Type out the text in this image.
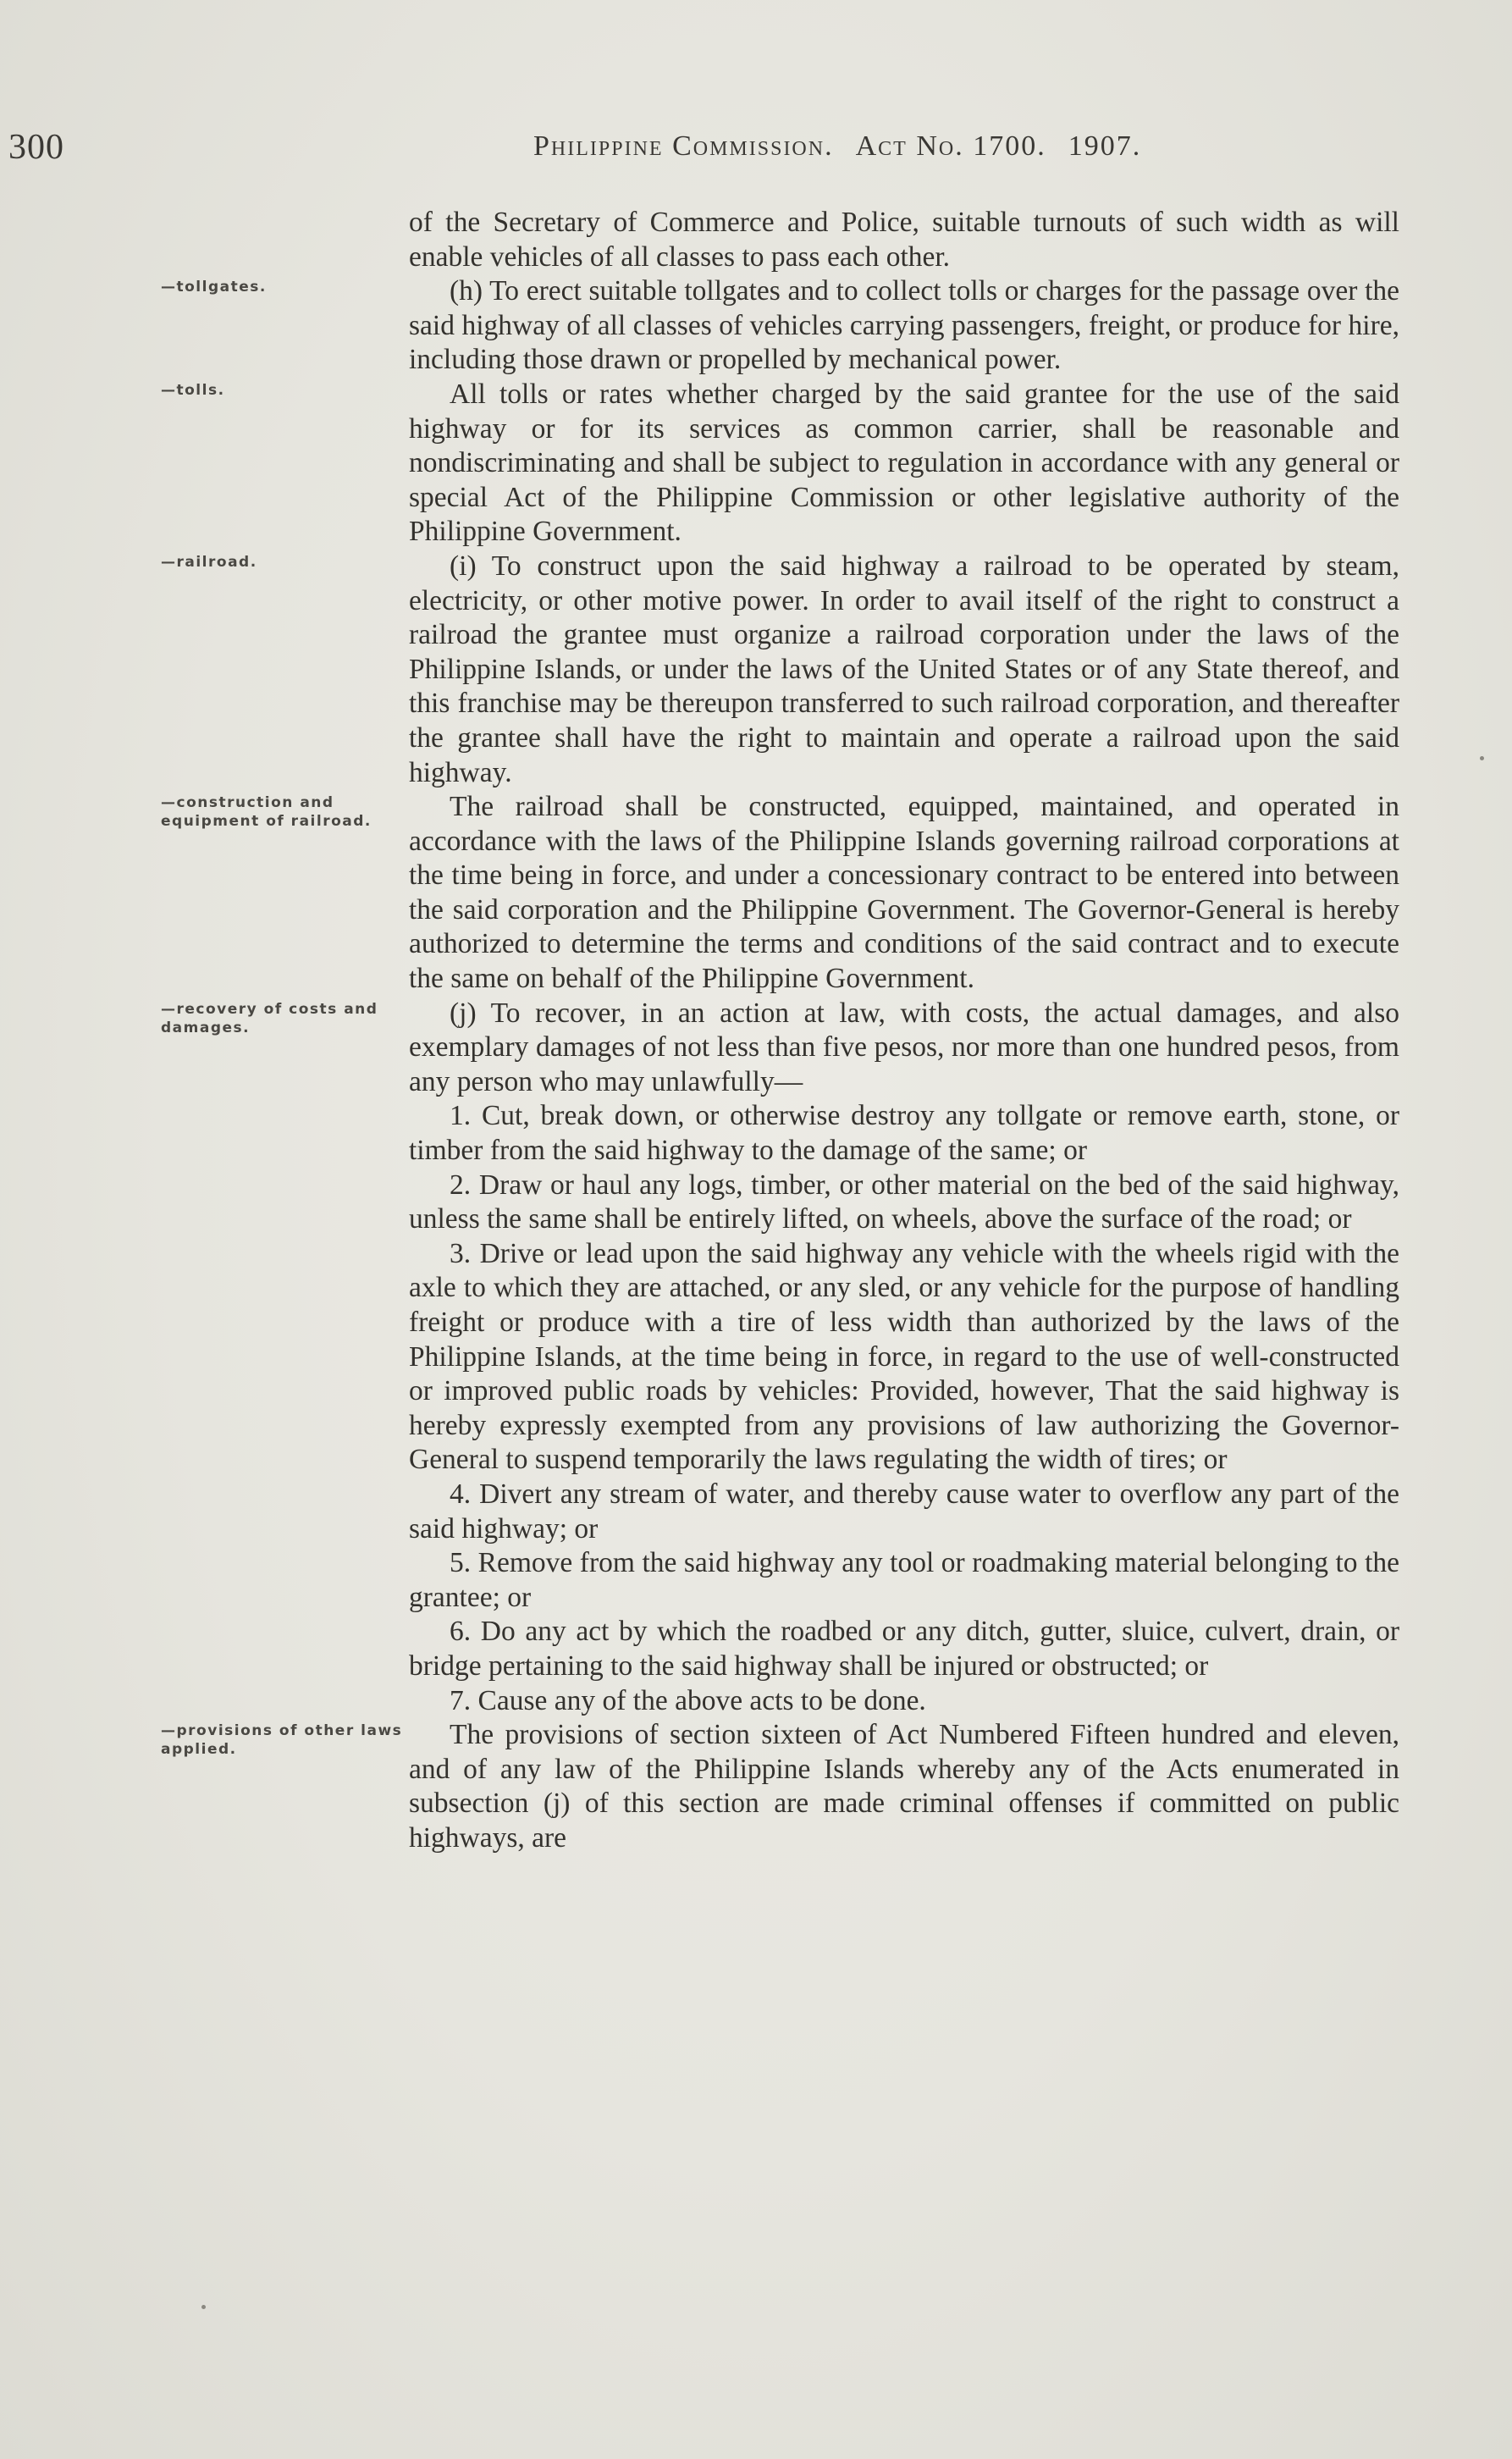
300	Philippine Commission. Act No. 1700. 1907.

of the Secretary of Commerce and Police, suitable turnouts of such width as will enable vehicles of all classes to pass each other.

—tollgates.	(h) To erect suitable tollgates and to collect tolls or charges for the passage over the said highway of all classes of vehicles carrying passengers, freight, or produce for hire, including those drawn or propelled by mechanical power.

—tolls.	All tolls or rates whether charged by the said grantee for the use of the said highway or for its services as common carrier, shall be reasonable and nondiscriminating and shall be subject to regulation in accordance with any general or special Act of the Philippine Commission or other legislative authority of the Philippine Government.

—railroad.	(i) To construct upon the said highway a railroad to be operated by steam, electricity, or other motive power. In order to avail itself of the right to construct a railroad the grantee must organize a railroad corporation under the laws of the Philippine Islands, or under the laws of the United States or of any State thereof, and this franchise may be thereupon transferred to such railroad corporation, and thereafter the grantee shall have the right to maintain and operate a railroad upon the said highway.

—construction and equipment of railroad.	The railroad shall be constructed, equipped, maintained, and operated in accordance with the laws of the Philippine Islands governing railroad corporations at the time being in force, and under a concessionary contract to be entered into between the said corporation and the Philippine Government. The Governor-General is hereby authorized to determine the terms and conditions of the said contract and to execute the same on behalf of the Philippine Government.

—recovery of costs and damages.	(j) To recover, in an action at law, with costs, the actual damages, and also exemplary damages of not less than five pesos, nor more than one hundred pesos, from any person who may unlawfully—

1. Cut, break down, or otherwise destroy any tollgate or remove earth, stone, or timber from the said highway to the damage of the same; or

2. Draw or haul any logs, timber, or other material on the bed of the said highway, unless the same shall be entirely lifted, on wheels, above the surface of the road; or

3. Drive or lead upon the said highway any vehicle with the wheels rigid with the axle to which they are attached, or any sled, or any vehicle for the purpose of handling freight or produce with a tire of less width than authorized by the laws of the Philippine Islands, at the time being in force, in regard to the use of well-constructed or improved public roads by vehicles: Provided, however, That the said highway is hereby expressly exempted from any provisions of law authorizing the Governor-General to suspend temporarily the laws regulating the width of tires; or

4. Divert any stream of water, and thereby cause water to overflow any part of the said highway; or

5. Remove from the said highway any tool or roadmaking material belonging to the grantee; or

6. Do any act by which the roadbed or any ditch, gutter, sluice, culvert, drain, or bridge pertaining to the said highway shall be injured or obstructed; or

7. Cause any of the above acts to be done.

—provisions of other laws applied.	The provisions of section sixteen of Act Numbered Fifteen hundred and eleven, and of any law of the Philippine Islands whereby any of the Acts enumerated in subsection (j) of this section are made criminal offenses if committed on public highways, are
